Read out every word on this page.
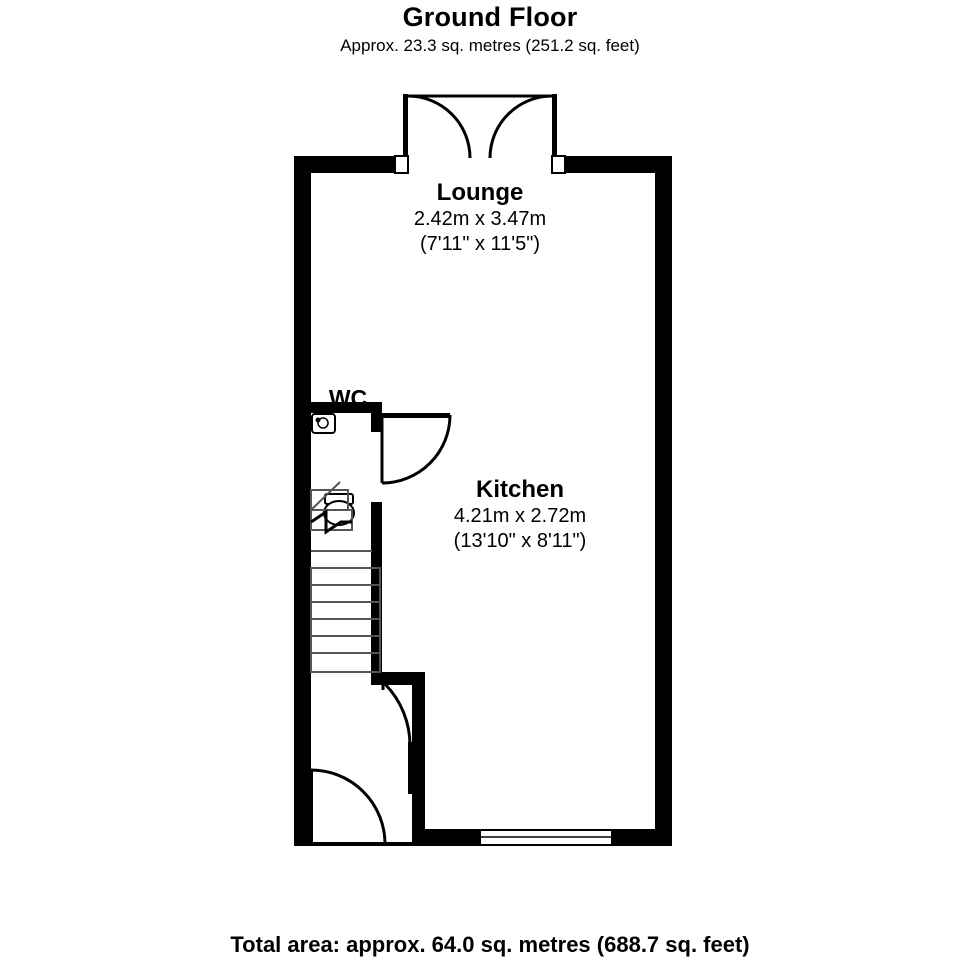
Ground Floor
Approx. 23.3 sq. metres (251.2 sq. feet)
Lounge
2.42m x 3.47m
(7'11" x 11'5")
Kitchen
4.21m x 2.72m
(13'10" x 8'11")
WC
Total area: approx. 64.0 sq. metres (688.7 sq. feet)
